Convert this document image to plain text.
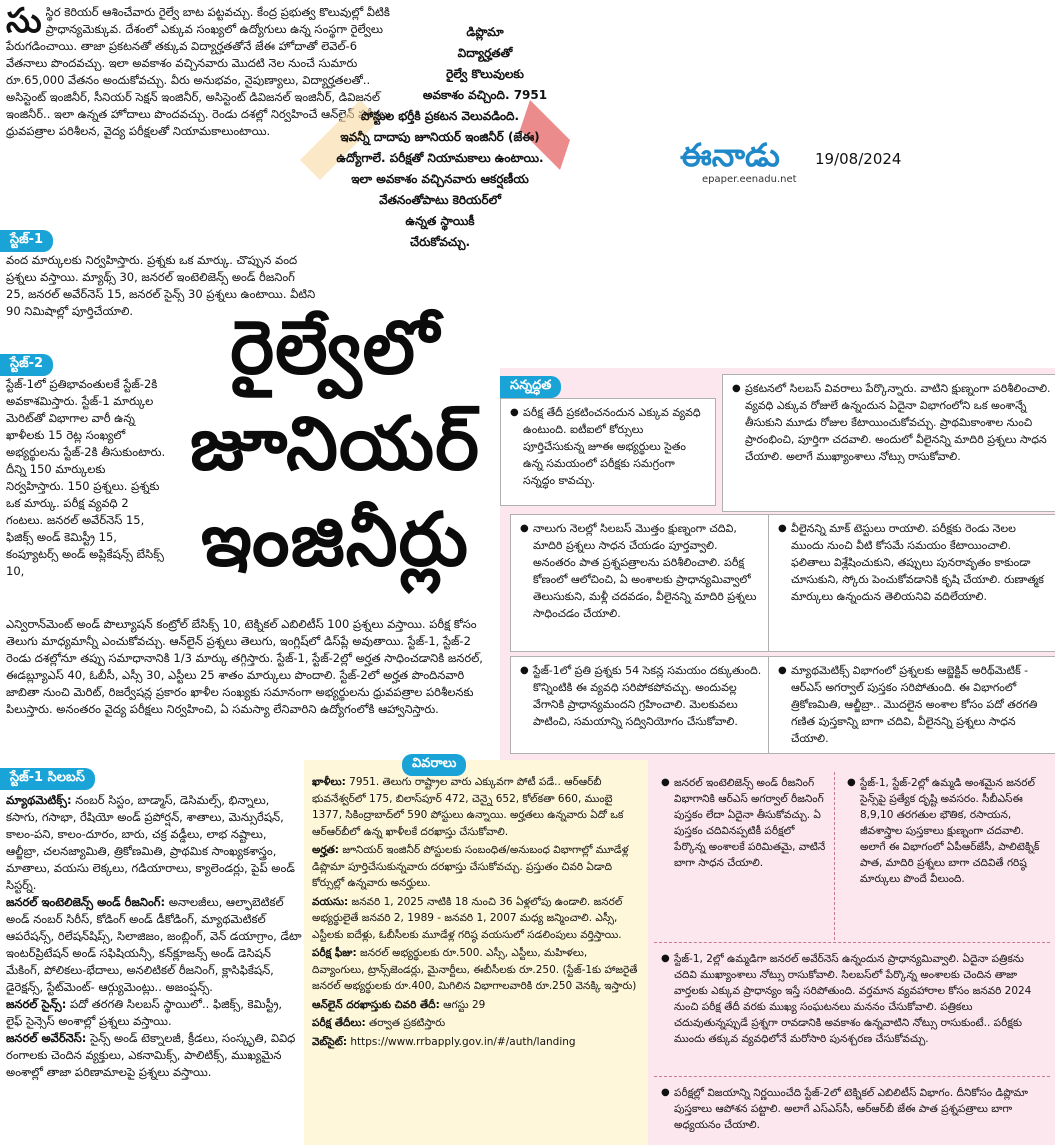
సు స్థిర కెరియర్ ఆశించేవారు రైల్వే బాట పట్టవచ్చు. కేంద్ర ప్రభుత్వ కొలువుల్లో వీటికి ప్రాధాన్యమెక్కువ. దేశంలో ఎక్కువ సంఖ్యలో ఉద్యోగులు ఉన్న సంస్థగా రైల్వేలు పేరుగడించాయి. తాజా ప్రకటనతో తక్కువ విద్యార్హతతోనే జేఈ హోదాతో లెవెల్-6 వేతనాలు పొందవచ్చు. ఇలా అవకాశం వచ్చినవారు మొదటి నెల నుంచే సుమారు రూ.65,000 వేతనం అందుకోవచ్చు. వీరు అనుభవం, నైపుణ్యాలు, విద్యార్హతలతో.. అసిస్టెంట్ ఇంజినీర్, సీనియర్ సెక్షన్ ఇంజినీర్, అసిస్టెంట్ డివిజనల్ ఇంజినీర్, డివిజనల్ ఇంజినీర్.. ఇలా ఉన్నత హోదాలు పొందవచ్చు. రెండు దశల్లో నిర్వహించే ఆన్‌లైన్ పరీక్షలు, ధ్రువపత్రాల పరిశీలన, వైద్య పరీక్షలతో నియామకాలుంటాయి.
స్టేజ్-1
వంద మార్కులకు నిర్వహిస్తారు. ప్రశ్నకు ఒక మార్కు. చొప్పున వంద ప్రశ్నలు వస్తాయి. మ్యాథ్స్ 30, జనరల్ ఇంటెలిజెన్స్ అండ్ రీజనింగ్ 25, జనరల్ అవేర్‌నెస్ 15, జనరల్ సైన్స్ 30 ప్రశ్నలు ఉంటాయి. వీటిని 90 నిమిషాల్లో పూర్తిచేయాలి.
స్టేజ్-2
స్టేజ్-1లో ప్రతిభావంతులకే స్టేజ్-2కి అవకాశమిస్తారు. స్టేజ్-1 మార్కుల మెరిట్‌తో విభాగాల వారీ ఉన్న ఖాళీలకు 15 రెట్ల సంఖ్యలో అభ్యర్థులను స్టేజ్-2కి తీసుకుంటారు. దీన్ని 150 మార్కులకు నిర్వహిస్తారు. 150 ప్రశ్నలు. ప్రశ్నకు ఒక మార్కు. పరీక్ష వ్యవధి 2 గంటలు. జనరల్ అవేర్‌నెస్ 15, ఫిజిక్స్ అండ్ కెమిస్ట్రీ 15, కంప్యూటర్స్ అండ్ అప్లికేషన్స్ బేసిక్స్ 10,
ఎన్విరాన్‌మెంట్ అండ్ పొల్యూషన్ కంట్రోల్ బేసిక్స్ 10, టెక్నికల్ ఎబిలిటీస్ 100 ప్రశ్నలు వస్తాయి. పరీక్ష కోసం తెలుగు మాధ్యమాన్నీ ఎంచుకోవచ్చు. ఆన్‌లైన్ ప్రశ్నలు తెలుగు, ఇంగ్లిష్‌లో డిస్‌ప్లే అవుతాయి. స్టేజ్-1, స్టేజ్-2 రెండు దశల్లోనూ తప్పు సమాధానానికి 1/3 మార్కు తగ్గిస్తారు. స్టేజ్-1, స్టేజ్-2ల్లో అర్హత సాధించడానికి జనరల్, ఈడబ్ల్యూఎస్ 40, ఓబీసీ, ఎస్సీ 30, ఎస్టీలు 25 శాతం మార్కులు పొందాలి. స్టేజ్-2లో అర్హత పొందినవారి జాబితా నుంచి మెరిట్, రిజర్వేషన్ల ప్రకారం ఖాళీల సంఖ్యకు సమానంగా అభ్యర్థులను ధ్రువపత్రాల పరిశీలనకు పిలుస్తారు. అనంతరం వైద్య పరీక్షలు నిర్వహించి, ఏ సమస్యా లేనివారిని ఉద్యోగంలోకి ఆహ్వానిస్తారు.
స్టేజ్-1 సిలబస్

మ్యాథమెటిక్స్: నంబర్ సిస్టం, బాడ్మాస్, డెసిమల్స్, భిన్నాలు, కసాగు, గసాభా, రేషియో అండ్ ప్రపోర్షన్, శాతాలు, మెన్సురేషన్, కాలం-పని, కాలం-దూరం, బారు, చక్ర వడ్డీలు, లాభ నష్టాలు, ఆల్జీబ్రా, చలనజ్యామితి, త్రికోణమితి, ప్రాథమిక సాంఖ్యకశాస్త్రం, మాతాలు, వయసు లెక్కలు, గడియారాలు, క్యాలెండర్లు, పైప్ అండ్ సిస్టర్న్.

జనరల్ ఇంటెలిజెన్స్ అండ్ రీజనింగ్: అనాలజీలు, ఆల్ఫాబెటికల్ అండ్ నంబర్ సిరీస్, కోడింగ్ అండ్ డీకోడింగ్, మ్యాథమెటికల్ ఆపరేషన్స్, రిలేషన్‌షిప్స్, సిలాజిజం, జంబ్లింగ్, వెన్ డయాగ్రాం, డేటా ఇంటర్‌ప్రిటేషన్ అండ్ సఫిషియన్సీ, కన్‌క్లూజన్స్ అండ్ డెసిషన్ మేకింగ్, పోలికలు-భేదాలు, అనలిటికల్ రీజనింగ్, క్లాసిఫికేషన్, డైరెక్షన్స్, స్టేట్‌మెంట్- ఆర్గ్యుమెంట్లు.. అజంప్షన్స్.

జనరల్ సైన్స్: పదో తరగతి సిలబస్ స్థాయిలో.. ఫిజిక్స్, కెమిస్ట్రీ, లైఫ్ సైన్సెస్ అంశాల్లో ప్రశ్నలు వస్తాయి.

జనరల్ అవేర్‌నెస్: సైన్స్ అండ్ టెక్నాలజీ, క్రీడలు, సంస్కృతి, వివిధ రంగాలకు చెందిన వ్యక్తులు, ఎకనామిక్స్, పాలిటిక్స్, ముఖ్యమైన అంశాల్లో తాజా పరిణామాలపై ప్రశ్నలు వస్తాయి.

డిప్లొమా
విద్యార్హతతో
రైల్వే కొలువులకు
అవకాశం వచ్చింది. 7951
పోస్టుల భర్తీకి ప్రకటన వెలువడింది.
ఇవన్నీ దాదాపు జూనియర్ ఇంజినీర్ (జేఈ)
ఉద్యోగాలే. పరీక్షతో నియామకాలు ఉంటాయి.
ఇలా అవకాశం వచ్చినవారు ఆకర్షణీయ
వేతనంతోపాటు కెరియర్‌లో
ఉన్నత స్థాయికీ
చేరుకోవచ్చు.
ఈనాడు 19/08/2024
epaper.eenadu.net
రైల్వేలో
జూనియర్
ఇంజినీర్లు
సన్నద్ధత
● పరీక్ష తేదీ ప్రకటించనందున ఎక్కువ వ్యవధి ఉంటుంది. ఐటీఐలో కోర్సులు పూర్తిచేసుకున్న జూఈ అభ్యర్థులు సైతం ఉన్న సమయంలో పరీక్షకు సమగ్రంగా సన్నద్ధం కావచ్చు.
● ప్రకటనలో సిలబస్ వివరాలు పేర్కొన్నారు. వాటిని క్షుణ్నంగా పరిశీలించాలి. వ్యవధి ఎక్కువ రోజులే ఉన్నందున ఏదైనా విభాగంలోని ఒక అంశాన్నే తీసుకుని మూడు రోజుల కేటాయించుకోవచ్చు. ప్రాథమికాంశాల నుంచి ప్రారంభించి, పూర్తిగా చదవాలి. అందులో వీలైనన్ని మాదిరి ప్రశ్నలు సాధన చేయాలి. అలాగే ముఖ్యాంశాలు నోట్సు రాసుకోవాలి.
● నాలుగు నెలల్లో సిలబస్ మొత్తం క్షుణ్నంగా చదివి, మాదిరి ప్రశ్నలు సాధన చేయడం పూర్తవ్వాలి. అనంతరం పాత ప్రశ్నపత్రాలను పరిశీలించాలి. పరీక్ష కోణంలో ఆలోచించి, ఏ అంశాలకు ప్రాధాన్యమివ్వాలో తెలుసుకుని, మళ్లీ చదవడం, వీలైనన్ని మాదిరి ప్రశ్నలు సాధించడం చేయాలి.
● వీలైనన్ని మాక్ టెస్టులు రాయాలి. పరీక్షకు రెండు నెలల ముందు నుంచి వీటి కోసమే సమయం కేటాయించాలి. ఫలితాలు విశ్లేషించుకుని, తప్పులు పునరావృతం కాకుండా చూసుకుని, స్కోరు పెంచుకోవడానికి కృషి చేయాలి. రుణాత్మక మార్కులు ఉన్నందున తెలియనివి వదిలేయాలి.
● స్టేజ్-1లో ప్రతి ప్రశ్నకు 54 సెకన్ల సమయం దక్కుతుంది. కొన్నింటికి ఈ వ్యవధి సరిపోకపోవచ్చు. అందువల్ల వేగానికి ప్రాధాన్యమందని గ్రహించాలి. మెలకువలు పాటించి, సమయాన్ని సద్వినియోగం చేసుకోవాలి.
● మ్యాథమెటిక్స్ విభాగంలో ప్రశ్నలకు ఆబ్జెక్టివ్ అరిథ్‌మెటిక్ - ఆర్‌ఎస్ అగర్వాల్ పుస్తకం సరిపోతుంది. ఈ విభాగంలో త్రికోణమితి, ఆల్జీబ్రా.. మొదలైన అంశాల కోసం పదో తరగతి గణిత పుస్తకాన్ని బాగా చదివి, వీలైనన్ని ప్రశ్నలు సాధన చేయాలి.
వివరాలు

ఖాళీలు: 7951. తెలుగు రాష్ట్రాల వారు ఎక్కువగా పోటీ పడే.. ఆర్‌ఆర్‌బీ భువనేశ్వర్‌లో 175, బిలాస్‌పూర్ 472, చెన్నై 652, కోల్‌కతా 660, ముంబై 1377, సికింద్రాబాద్‌లో 590 పోస్టులు ఉన్నాయి. అర్హతలు ఉన్నవారు ఏదో ఒక ఆర్‌ఆర్‌బీలో ఉన్న ఖాళీలకే దరఖాస్తు చేసుకోవాలి.

అర్హత: జూనియర్ ఇంజినీర్ పోస్టులకు సంబంధిత/అనుబంధ విభాగాల్లో మూడేళ్ల డిప్లొమా పూర్తిచేసుకున్నవారు దరఖాస్తు చేసుకోవచ్చు. ప్రస్తుతం చివరి ఏడాది కోర్సుల్లో ఉన్నవారు అనర్హులు.

వయసు: జనవరి 1, 2025 నాటికి 18 నుంచి 36 ఏళ్లలోపు ఉండాలి. జనరల్ అభ్యర్థులైతే జనవరి 2, 1989 - జనవరి 1, 2007 మధ్య జన్మించాలి. ఎస్సీ, ఎస్టీలకు ఐదేళ్లు, ఓబీసీలకు మూడేళ్ల గరిష్ఠ వయసులో సడలింపులు వర్తిస్తాయి.

పరీక్ష ఫీజు: జనరల్ అభ్యర్థులకు రూ.500. ఎస్సీ, ఎస్టీలు, మహిళలు, దివ్యాంగులు, ట్రాన్స్‌జెండర్లు, మైనార్టీలు, ఈబీసీలకు రూ.250. (స్టేజ్-1కు హాజరైతే జనరల్ అభ్యర్థులకు రూ.400, మిగిలిన విభాగాలవారికి రూ.250 వెనక్కి ఇస్తారు)

ఆన్‌లైన్ దరఖాస్తుకు చివరి తేదీ: ఆగస్టు 29

పరీక్ష తేదీలు: తర్వాత ప్రకటిస్తారు

వెబ్‌సైట్: https://www.rrbapply.gov.in/#/auth/landing

● జనరల్ ఇంటెలిజెన్స్ అండ్ రీజనింగ్ విభాగానికి ఆర్‌ఎస్ అగర్వాల్ రీజనింగ్ పుస్తకం లేదా ఏదైనా తీసుకోవచ్చు. ఏ పుస్తకం చదివినప్పటికీ పరీక్షలో పేర్కొన్న అంశాలకే పరిమితమై, వాటినే బాగా సాధన చేయాలి.
● స్టేజ్-1, స్టేజ్-2ల్లో ఉమ్మడి అంశమైన జనరల్ సైన్స్‌పై ప్రత్యేక దృష్టి అవసరం. సీబీఎస్‌ఈ 8,9,10 తరగతుల భౌతిక, రసాయన, జీవశాస్త్రాల పుస్తకాలు క్షుణ్నంగా చదవాలి. అలాగే ఈ విభాగంలో ఏపీఆర్‌జేసీ, పాలిటెక్నిక్ పాత, మాదిరి ప్రశ్నలు బాగా చదివితే గరిష్ఠ మార్కులు పొందే వీలుంది.
● స్టేజ్-1, 2ల్లో ఉమ్మడిగా జనరల్ అవేర్‌నెస్ ఉన్నందున ప్రాధాన్యమివ్వాలి. ఏదైనా పత్రికను చదివి ముఖ్యాంశాలు నోట్సు రాసుకోవాలి. సిలబస్‌లో పేర్కొన్న అంశాలకు చెందిన తాజా వార్తలకు ఎక్కువ ప్రాధాన్యం ఇస్తే సరిపోతుంది. వర్తమాన వ్యవహారాల కోసం జనవరి 2024 నుంచి పరీక్ష తేదీ వరకు ముఖ్య సంఘటనలు మననం చేసుకోవాలి. పత్రికలు చదువుతున్నప్పుడే ప్రశ్నగా రావడానికి అవకాశం ఉన్నవాటిని నోట్సు రాసుకుంటే.. పరీక్షకు ముందు తక్కువ వ్యవధిలోనే మరోసారి పునశ్చరణ చేసుకోవచ్చు.
● పరీక్షల్లో విజయాన్ని నిర్ణయించేది స్టేజ్-2లో టెక్నికల్ ఎబిలిటీస్ విభాగం. దీనికోసం డిప్లొమా పుస్తకాలు ఆపోశన పట్టాలి. అలాగే ఎస్‌ఎస్‌సీ, ఆర్‌ఆర్‌బీ జేఈ పాత ప్రశ్నపత్రాలు బాగా అధ్యయనం చేయాలి.
